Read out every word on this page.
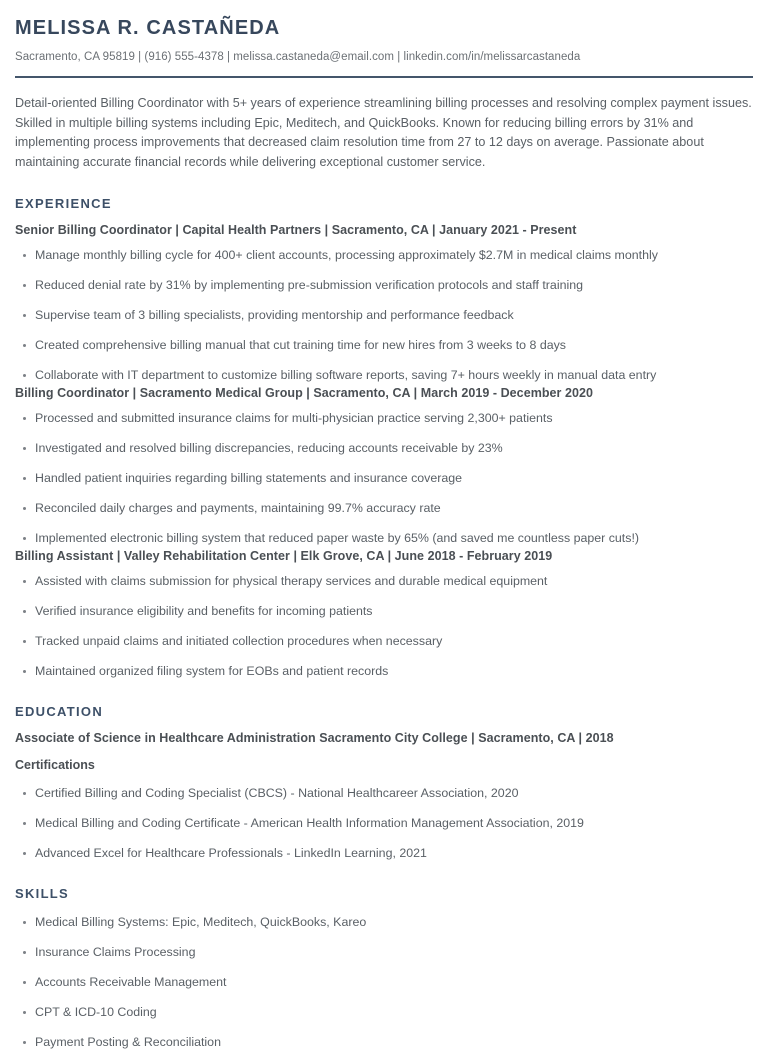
MELISSA R. CASTAÑEDA
Sacramento, CA 95819 | (916) 555-4378 | melissa.castaneda@email.com | linkedin.com/in/melissarcastaneda

Detail-oriented Billing Coordinator with 5+ years of experience streamlining billing processes and resolving complex payment issues. Skilled in multiple billing systems including Epic, Meditech, and QuickBooks. Known for reducing billing errors by 31% and implementing process improvements that decreased claim resolution time from 27 to 12 days on average. Passionate about maintaining accurate financial records while delivering exceptional customer service.

EXPERIENCE
Senior Billing Coordinator | Capital Health Partners | Sacramento, CA | January 2021 - Present
Manage monthly billing cycle for 400+ client accounts, processing approximately $2.7M in medical claims monthly
Reduced denial rate by 31% by implementing pre-submission verification protocols and staff training
Supervise team of 3 billing specialists, providing mentorship and performance feedback
Created comprehensive billing manual that cut training time for new hires from 3 weeks to 8 days
Collaborate with IT department to customize billing software reports, saving 7+ hours weekly in manual data entry
Billing Coordinator | Sacramento Medical Group | Sacramento, CA | March 2019 - December 2020
Processed and submitted insurance claims for multi-physician practice serving 2,300+ patients
Investigated and resolved billing discrepancies, reducing accounts receivable by 23%
Handled patient inquiries regarding billing statements and insurance coverage
Reconciled daily charges and payments, maintaining 99.7% accuracy rate
Implemented electronic billing system that reduced paper waste by 65% (and saved me countless paper cuts!)
Billing Assistant | Valley Rehabilitation Center | Elk Grove, CA | June 2018 - February 2019
Assisted with claims submission for physical therapy services and durable medical equipment
Verified insurance eligibility and benefits for incoming patients
Tracked unpaid claims and initiated collection procedures when necessary
Maintained organized filing system for EOBs and patient records
EDUCATION
Associate of Science in Healthcare Administration Sacramento City College | Sacramento, CA | 2018
Certifications
Certified Billing and Coding Specialist (CBCS) - National Healthcareer Association, 2020
Medical Billing and Coding Certificate - American Health Information Management Association, 2019
Advanced Excel for Healthcare Professionals - LinkedIn Learning, 2021
SKILLS
Medical Billing Systems: Epic, Meditech, QuickBooks, Kareo
Insurance Claims Processing
Accounts Receivable Management
CPT & ICD-10 Coding
Payment Posting & Reconciliation
